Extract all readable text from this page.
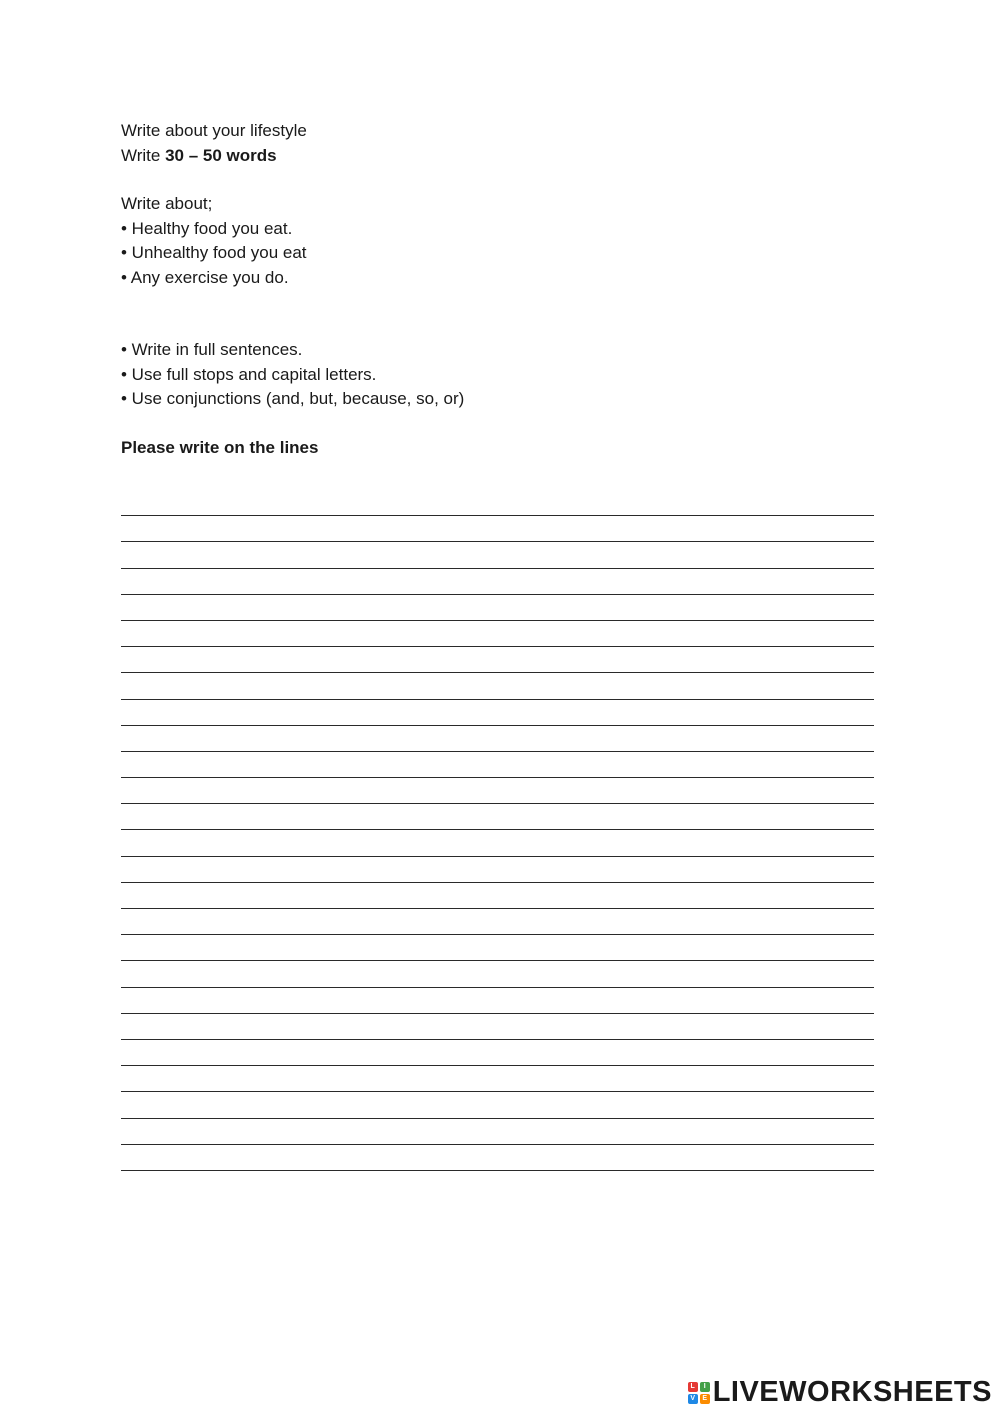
Write about your lifestyle
Write 30 – 50 words
Write about;
• Healthy food you eat.
• Unhealthy food you eat
• Any exercise you do.
• Write in full sentences.
• Use full stops and capital letters.
• Use conjunctions (and, but, because, so, or)
Please write on the lines
L	I
V	E LIVEWORKSHEETS
